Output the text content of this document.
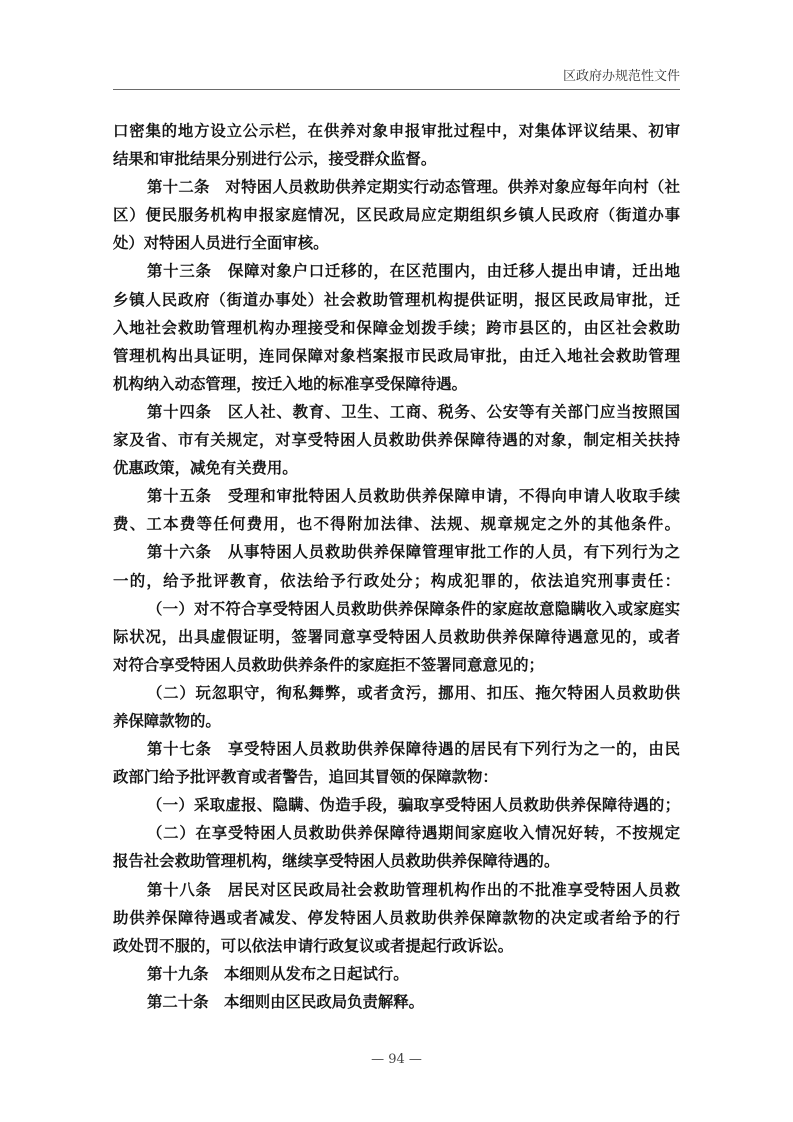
区政府办规范性文件
口密集的地方设立公示栏，在供养对象申报审批过程中，对集体评议结果、初审
结果和审批结果分别进行公示，接受群众监督。
第十二条　对特困人员救助供养定期实行动态管理。供养对象应每年向村（社
区）便民服务机构申报家庭情况，区民政局应定期组织乡镇人民政府（街道办事
处）对特困人员进行全面审核。
第十三条　保障对象户口迁移的，在区范围内，由迁移人提出申请，迁出地
乡镇人民政府（街道办事处）社会救助管理机构提供证明，报区民政局审批，迁
入地社会救助管理机构办理接受和保障金划拨手续；跨市县区的，由区社会救助
管理机构出具证明，连同保障对象档案报市民政局审批，由迁入地社会救助管理
机构纳入动态管理，按迁入地的标准享受保障待遇。
第十四条　区人社、教育、卫生、工商、税务、公安等有关部门应当按照国
家及省、市有关规定，对享受特困人员救助供养保障待遇的对象，制定相关扶持
优惠政策，减免有关费用。
第十五条　受理和审批特困人员救助供养保障申请，不得向申请人收取手续
费、工本费等任何费用，也不得附加法律、法规、规章规定之外的其他条件。
第十六条　从事特困人员救助供养保障管理审批工作的人员，有下列行为之
一的，给予批评教育，依法给予行政处分；构成犯罪的，依法追究刑事责任：
（一）对不符合享受特困人员救助供养保障条件的家庭故意隐瞒收入或家庭实
际状况，出具虚假证明，签署同意享受特困人员救助供养保障待遇意见的，或者
对符合享受特困人员救助供养条件的家庭拒不签署同意意见的；
（二）玩忽职守，徇私舞弊，或者贪污，挪用、扣压、拖欠特困人员救助供
养保障款物的。
第十七条　享受特困人员救助供养保障待遇的居民有下列行为之一的，由民
政部门给予批评教育或者警告，追回其冒领的保障款物：
（一）采取虚报、隐瞒、伪造手段，骗取享受特困人员救助供养保障待遇的；
（二）在享受特困人员救助供养保障待遇期间家庭收入情况好转，不按规定
报告社会救助管理机构，继续享受特困人员救助供养保障待遇的。
第十八条　居民对区民政局社会救助管理机构作出的不批准享受特困人员救
助供养保障待遇或者减发、停发特困人员救助供养保障款物的决定或者给予的行
政处罚不服的，可以依法申请行政复议或者提起行政诉讼。
第十九条　本细则从发布之日起试行。
第二十条　本细则由区民政局负责解释。
— 94 —
